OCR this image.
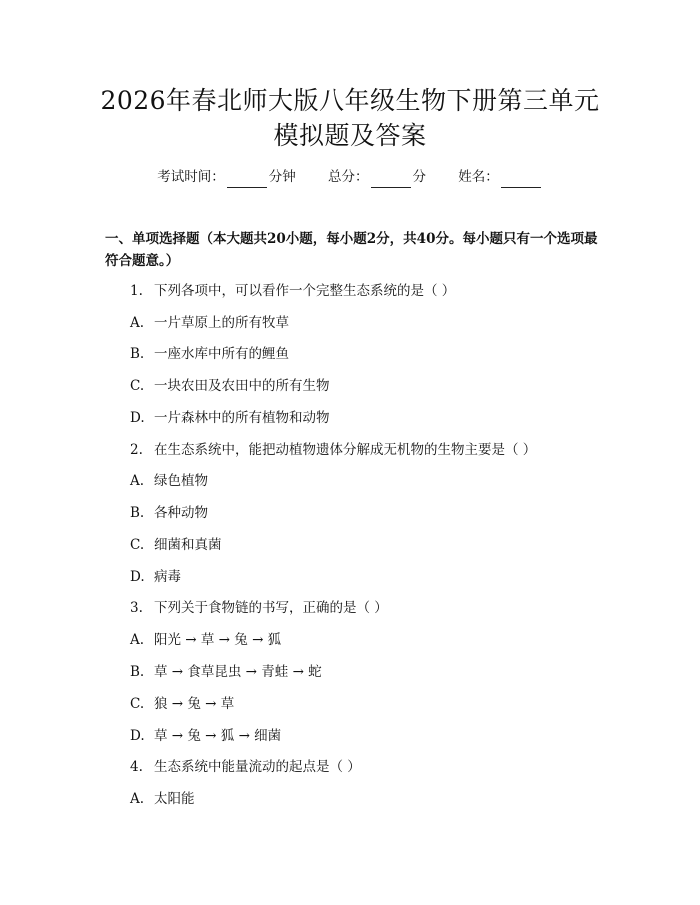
2026年春北师大版八年级生物下册第三单元
模拟题及答案
考试时间：	分钟 总分：	分 姓名：

一、单项选择题（本大题共20小题，每小题2分，共40分。每小题只有一个选项最符合题意。）

1. 下列各项中，可以看作一个完整生态系统的是（ ）
A. 一片草原上的所有牧草
B. 一座水库中所有的鲤鱼
C. 一块农田及农田中的所有生物
D. 一片森林中的所有植物和动物
2. 在生态系统中，能把动植物遗体分解成无机物的生物主要是（ ）
A. 绿色植物
B. 各种动物
C. 细菌和真菌
D. 病毒
3. 下列关于食物链的书写，正确的是（ ）
A. 阳光 → 草 → 兔 → 狐
B. 草 → 食草昆虫 → 青蛙 → 蛇
C. 狼 → 兔 → 草
D. 草 → 兔 → 狐 → 细菌
4. 生态系统中能量流动的起点是（ ）
A. 太阳能
